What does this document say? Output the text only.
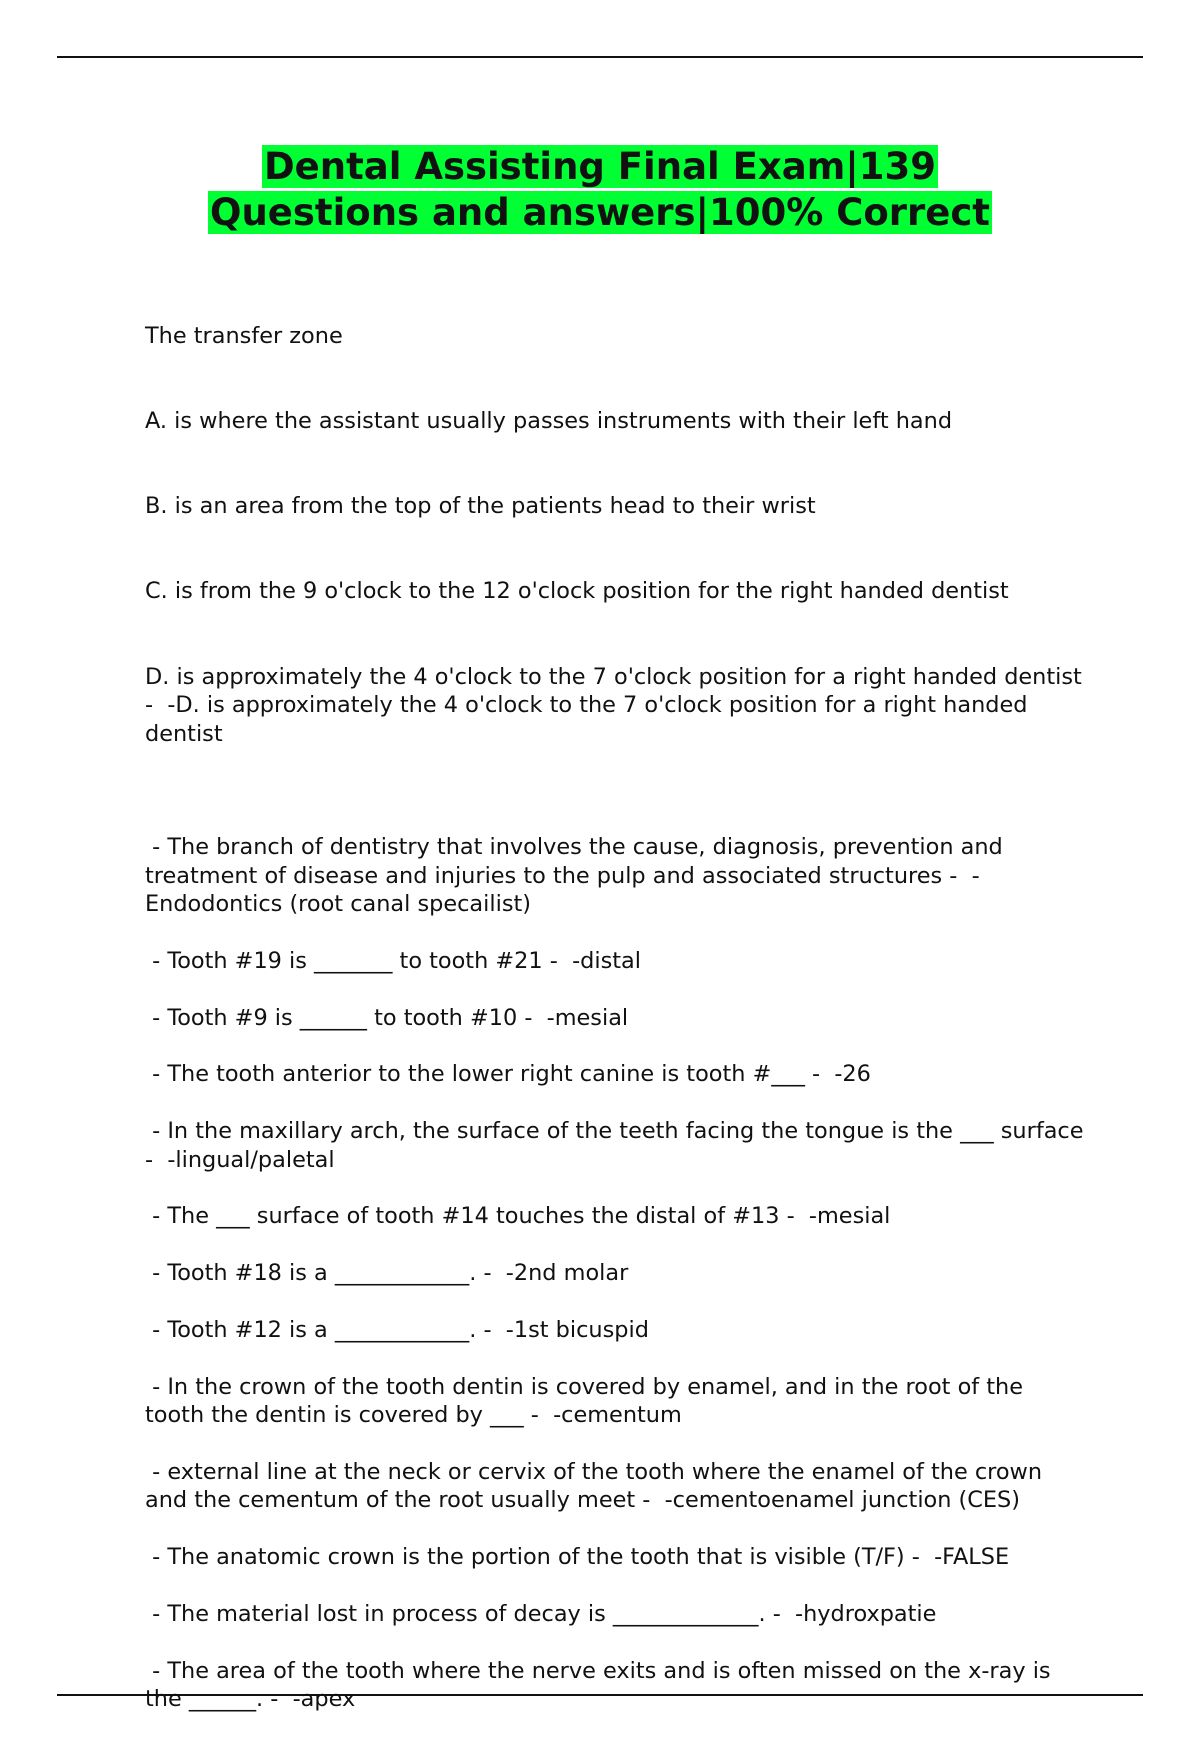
Dental Assisting Final Exam|139
Questions and answers|100% Correct

The transfer zone

A. is where the assistant usually passes instruments with their left hand

B. is an area from the top of the patients head to their wrist

C. is from the 9 o'clock to the 12 o'clock position for the right handed dentist

D. is approximately the 4 o'clock to the 7 o'clock position for a right handed dentist -  -D. is approximately the 4 o'clock to the 7 o'clock position for a right handed dentist

- The branch of dentistry that involves the cause, diagnosis, prevention and treatment of disease and injuries to the pulp and associated structures -  -Endodontics (root canal specailist)

- Tooth #19 is _______ to tooth #21 -  -distal

- Tooth #9 is ______ to tooth #10 -  -mesial

- The tooth anterior to the lower right canine is tooth #___ -  -26

- In the maxillary arch, the surface of the teeth facing the tongue is the ___ surface -  -lingual/paletal

- The ___ surface of tooth #14 touches the distal of #13 -  -mesial

- Tooth #18 is a ____________. -  -2nd molar

- Tooth #12 is a ____________. -  -1st bicuspid

- In the crown of the tooth dentin is covered by enamel, and in the root of the tooth the dentin is covered by ___ -  -cementum

- external line at the neck or cervix of the tooth where the enamel of the crown and the cementum of the root usually meet -  -cementoenamel junction (CES)

- The anatomic crown is the portion of the tooth that is visible (T/F) -  -FALSE

- The material lost in process of decay is _____________. -  -hydroxpatie

- The area of the tooth where the nerve exits and is often missed on the x-ray is the ______. -  -apex
